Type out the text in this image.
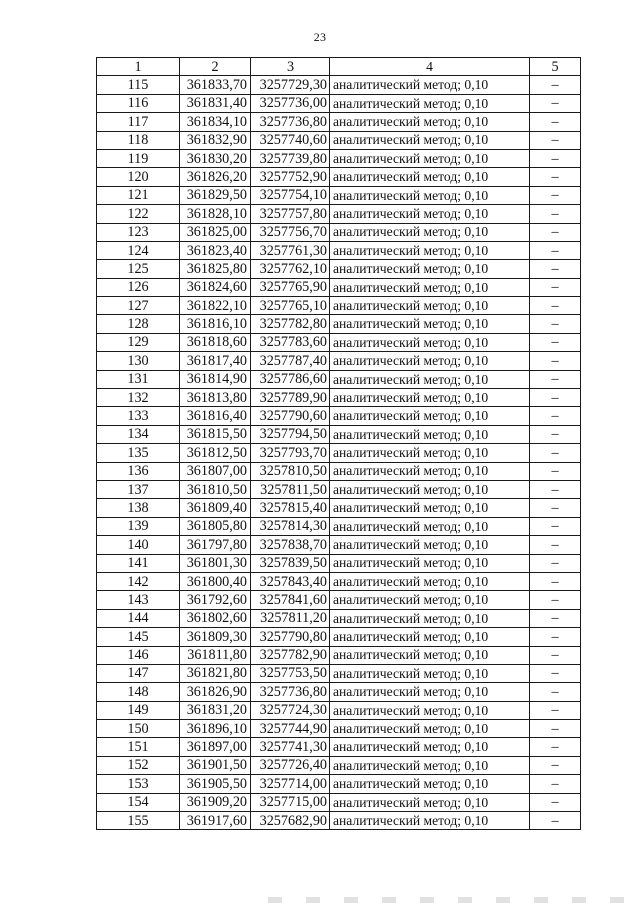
23
1	2	3	4	5
115	361833,70	3257729,30	аналитический метод; 0,10	–
116	361831,40	3257736,00	аналитический метод; 0,10	–
117	361834,10	3257736,80	аналитический метод; 0,10	–
118	361832,90	3257740,60	аналитический метод; 0,10	–
119	361830,20	3257739,80	аналитический метод; 0,10	–
120	361826,20	3257752,90	аналитический метод; 0,10	–
121	361829,50	3257754,10	аналитический метод; 0,10	–
122	361828,10	3257757,80	аналитический метод; 0,10	–
123	361825,00	3257756,70	аналитический метод; 0,10	–
124	361823,40	3257761,30	аналитический метод; 0,10	–
125	361825,80	3257762,10	аналитический метод; 0,10	–
126	361824,60	3257765,90	аналитический метод; 0,10	–
127	361822,10	3257765,10	аналитический метод; 0,10	–
128	361816,10	3257782,80	аналитический метод; 0,10	–
129	361818,60	3257783,60	аналитический метод; 0,10	–
130	361817,40	3257787,40	аналитический метод; 0,10	–
131	361814,90	3257786,60	аналитический метод; 0,10	–
132	361813,80	3257789,90	аналитический метод; 0,10	–
133	361816,40	3257790,60	аналитический метод; 0,10	–
134	361815,50	3257794,50	аналитический метод; 0,10	–
135	361812,50	3257793,70	аналитический метод; 0,10	–
136	361807,00	3257810,50	аналитический метод; 0,10	–
137	361810,50	3257811,50	аналитический метод; 0,10	–
138	361809,40	3257815,40	аналитический метод; 0,10	–
139	361805,80	3257814,30	аналитический метод; 0,10	–
140	361797,80	3257838,70	аналитический метод; 0,10	–
141	361801,30	3257839,50	аналитический метод; 0,10	–
142	361800,40	3257843,40	аналитический метод; 0,10	–
143	361792,60	3257841,60	аналитический метод; 0,10	–
144	361802,60	3257811,20	аналитический метод; 0,10	–
145	361809,30	3257790,80	аналитический метод; 0,10	–
146	361811,80	3257782,90	аналитический метод; 0,10	–
147	361821,80	3257753,50	аналитический метод; 0,10	–
148	361826,90	3257736,80	аналитический метод; 0,10	–
149	361831,20	3257724,30	аналитический метод; 0,10	–
150	361896,10	3257744,90	аналитический метод; 0,10	–
151	361897,00	3257741,30	аналитический метод; 0,10	–
152	361901,50	3257726,40	аналитический метод; 0,10	–
153	361905,50	3257714,00	аналитический метод; 0,10	–
154	361909,20	3257715,00	аналитический метод; 0,10	–
155	361917,60	3257682,90	аналитический метод; 0,10	–
